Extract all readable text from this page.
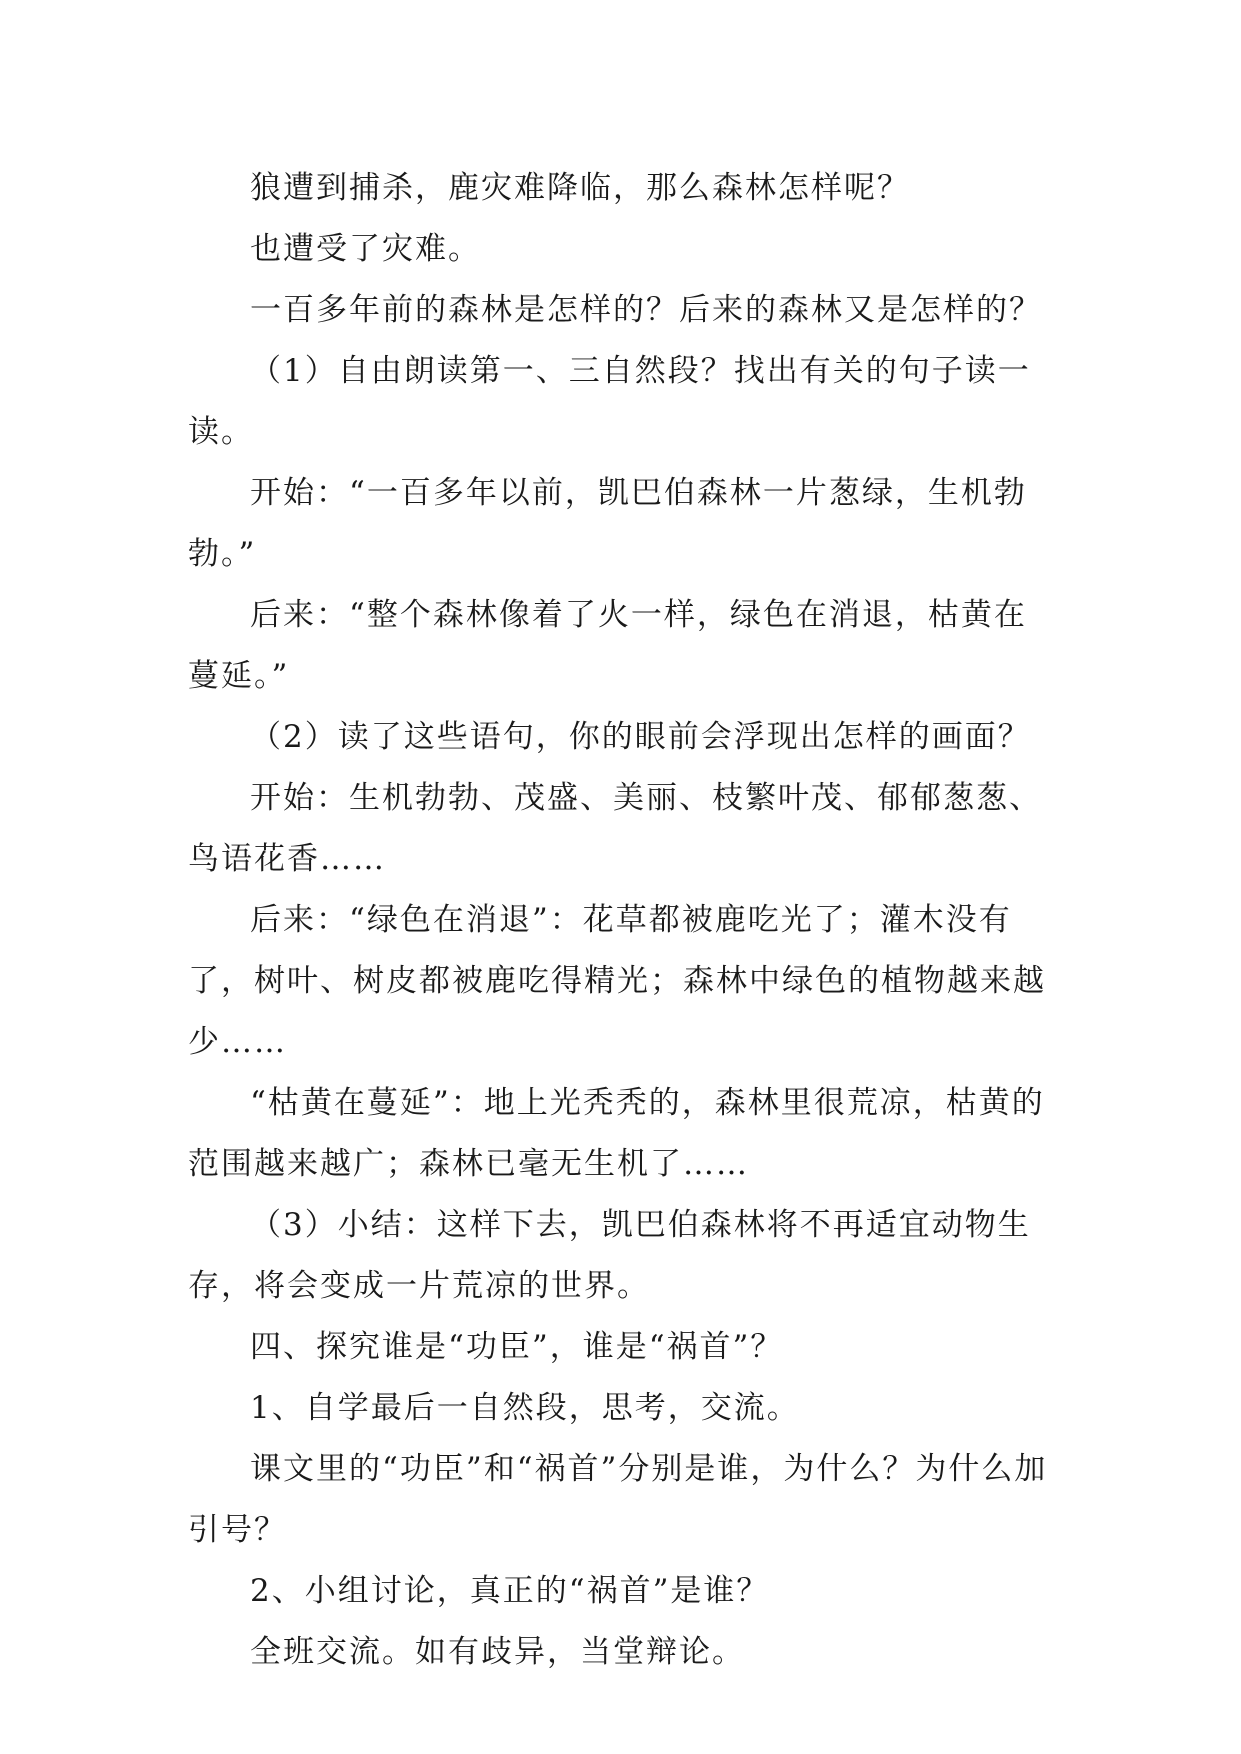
狼遭到捕杀，鹿灾难降临，那么森林怎样呢？

也遭受了灾难。

一百多年前的森林是怎样的？后来的森林又是怎样的？

（1）自由朗读第一、三自然段？找出有关的句子读一读。

开始：“一百多年以前，凯巴伯森林一片葱绿，生机勃勃。”

后来：“整个森林像着了火一样，绿色在消退，枯黄在蔓延。”

（2）读了这些语句，你的眼前会浮现出怎样的画面？

开始：生机勃勃、茂盛、美丽、枝繁叶茂、郁郁葱葱、鸟语花香……

后来：“绿色在消退”：花草都被鹿吃光了；灌木没有了，树叶、树皮都被鹿吃得精光；森林中绿色的植物越来越少……

“枯黄在蔓延”：地上光秃秃的，森林里很荒凉，枯黄的范围越来越广；森林已毫无生机了……

（3）小结：这样下去，凯巴伯森林将不再适宜动物生存，将会变成一片荒凉的世界。

四、探究谁是“功臣”，谁是“祸首”？

1、自学最后一自然段，思考，交流。

课文里的“功臣”和“祸首”分别是谁，为什么？为什么加引号？

2、小组讨论，真正的“祸首”是谁？

全班交流。如有歧异，当堂辩论。
